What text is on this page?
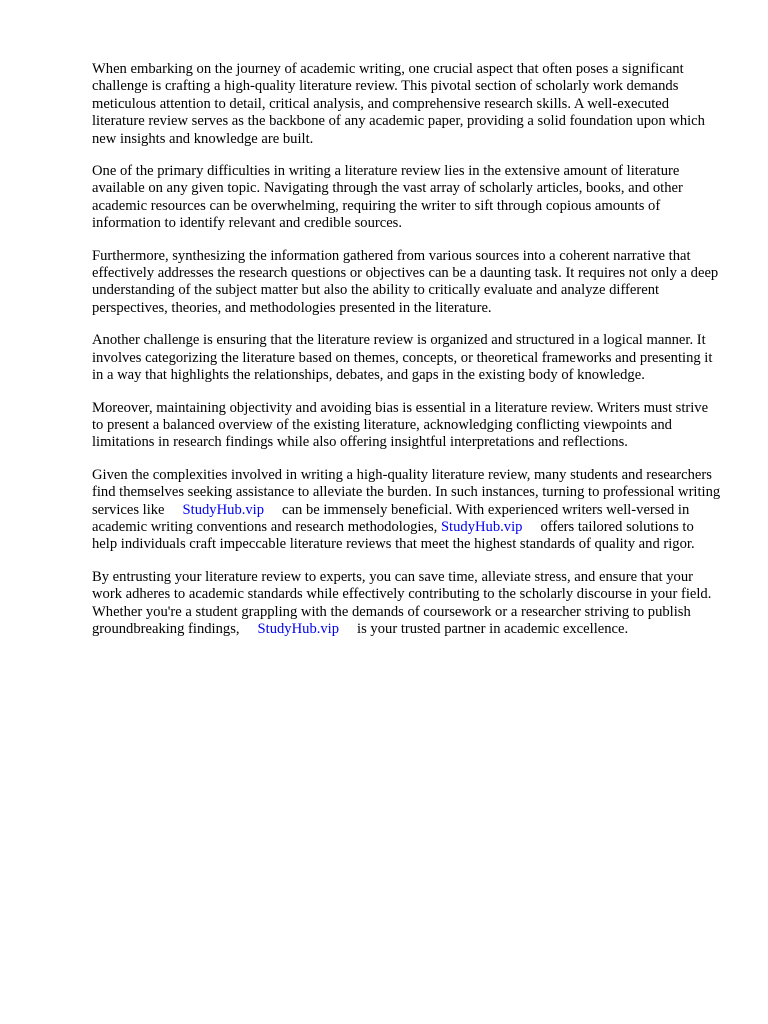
When embarking on the journey of academic writing, one crucial aspect that often poses a significant challenge is crafting a high-quality literature review. This pivotal section of scholarly work demands meticulous attention to detail, critical analysis, and comprehensive research skills. A well-executed literature review serves as the backbone of any academic paper, providing a solid foundation upon which new insights and knowledge are built.

One of the primary difficulties in writing a literature review lies in the extensive amount of literature available on any given topic. Navigating through the vast array of scholarly articles, books, and other academic resources can be overwhelming, requiring the writer to sift through copious amounts of information to identify relevant and credible sources.

Furthermore, synthesizing the information gathered from various sources into a coherent narrative that effectively addresses the research questions or objectives can be a daunting task. It requires not only a deep understanding of the subject matter but also the ability to critically evaluate and analyze different perspectives, theories, and methodologies presented in the literature.

Another challenge is ensuring that the literature review is organized and structured in a logical manner. It involves categorizing the literature based on themes, concepts, or theoretical frameworks and presenting it in a way that highlights the relationships, debates, and gaps in the existing body of knowledge.

Moreover, maintaining objectivity and avoiding bias is essential in a literature review. Writers must strive to present a balanced overview of the existing literature, acknowledging conflicting viewpoints and limitations in research findings while also offering insightful interpretations and reflections.

Given the complexities involved in writing a high-quality literature review, many students and researchers find themselves seeking assistance to alleviate the burden. In such instances, turning to professional writing services like StudyHub.vip can be immensely beneficial. With experienced writers well-versed in academic writing conventions and research methodologies, StudyHub.vip offers tailored solutions to help individuals craft impeccable literature reviews that meet the highest standards of quality and rigor.

By entrusting your literature review to experts, you can save time, alleviate stress, and ensure that your work adheres to academic standards while effectively contributing to the scholarly discourse in your field. Whether you're a student grappling with the demands of coursework or a researcher striving to publish groundbreaking findings, StudyHub.vip is your trusted partner in academic excellence.
